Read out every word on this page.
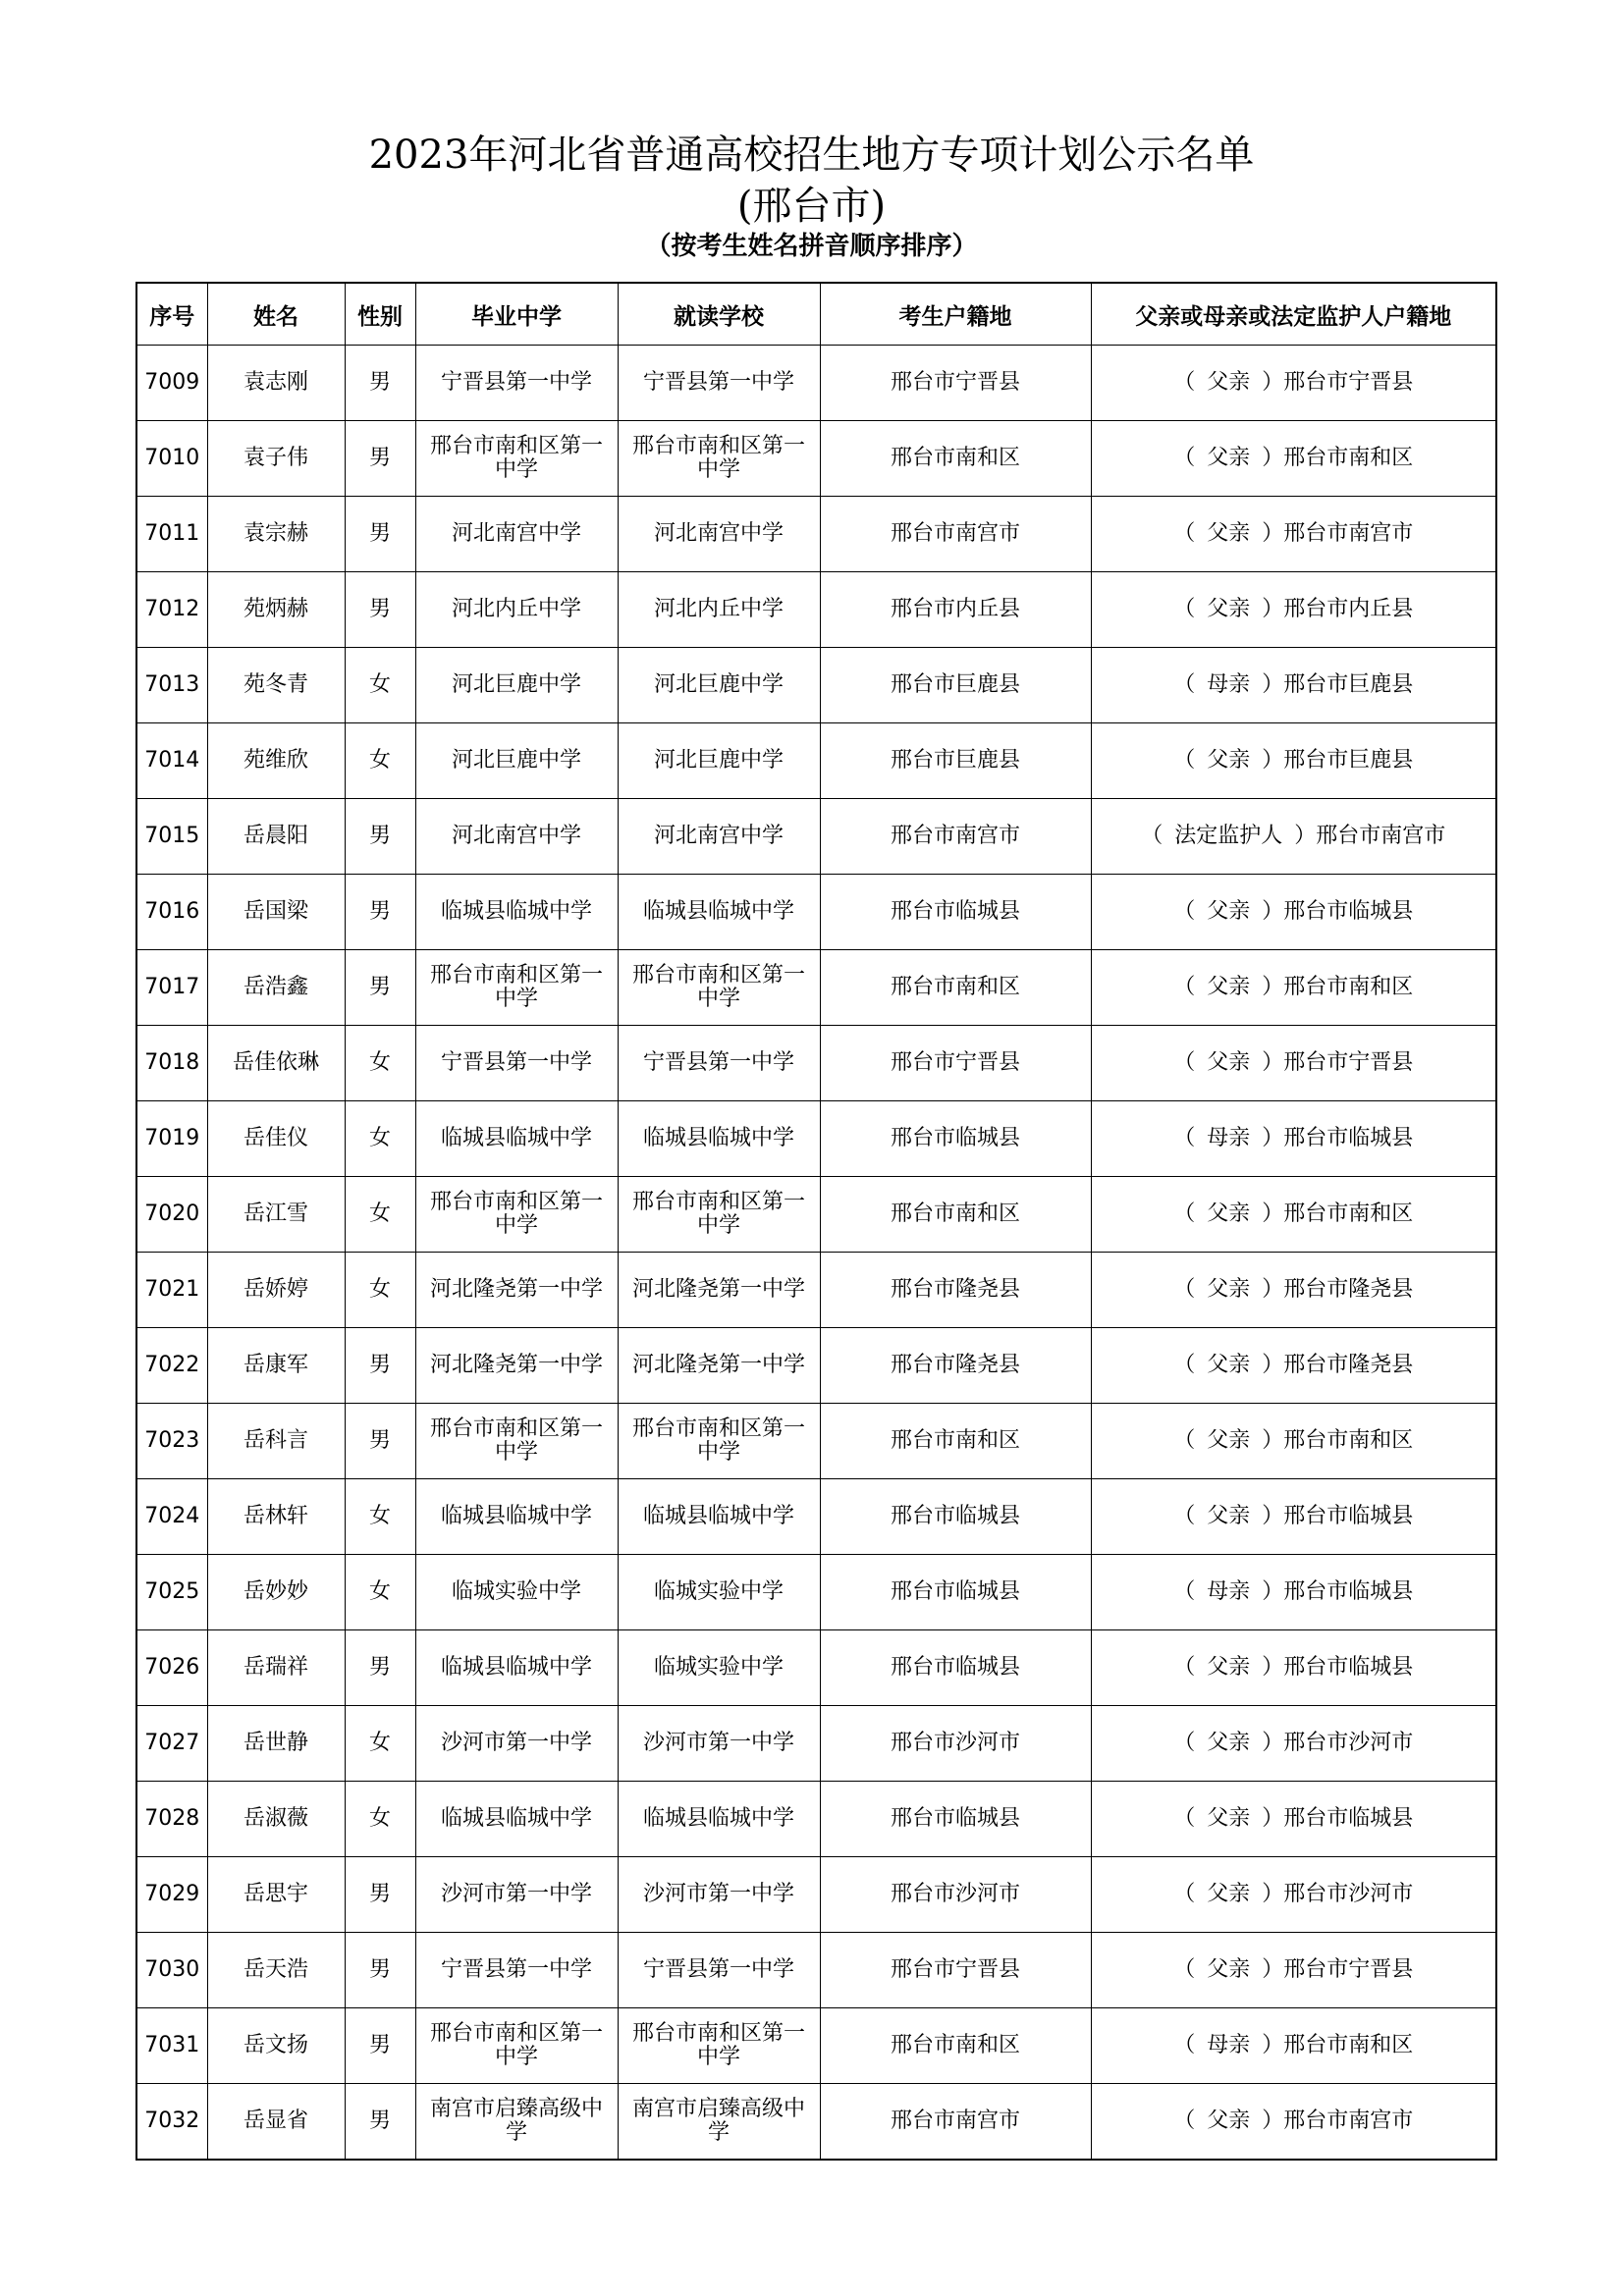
2023年河北省普通高校招生地方专项计划公示名单
(邢台市)
（按考生姓名拼音顺序排序）
序号	姓名	性别	毕业中学	就读学校	考生户籍地	父亲或母亲或法定监护人户籍地
7009	袁志刚	男	宁晋县第一中学	宁晋县第一中学	邢台市宁晋县	（ 父亲 ）邢台市宁晋县
7010	袁子伟	男	邢台市南和区第一中学	邢台市南和区第一中学	邢台市南和区	（ 父亲 ）邢台市南和区
7011	袁宗赫	男	河北南宫中学	河北南宫中学	邢台市南宫市	（ 父亲 ）邢台市南宫市
7012	苑炳赫	男	河北内丘中学	河北内丘中学	邢台市内丘县	（ 父亲 ）邢台市内丘县
7013	苑冬青	女	河北巨鹿中学	河北巨鹿中学	邢台市巨鹿县	（ 母亲 ）邢台市巨鹿县
7014	苑维欣	女	河北巨鹿中学	河北巨鹿中学	邢台市巨鹿县	（ 父亲 ）邢台市巨鹿县
7015	岳晨阳	男	河北南宫中学	河北南宫中学	邢台市南宫市	（ 法定监护人 ）邢台市南宫市
7016	岳国梁	男	临城县临城中学	临城县临城中学	邢台市临城县	（ 父亲 ）邢台市临城县
7017	岳浩鑫	男	邢台市南和区第一中学	邢台市南和区第一中学	邢台市南和区	（ 父亲 ）邢台市南和区
7018	岳佳依琳	女	宁晋县第一中学	宁晋县第一中学	邢台市宁晋县	（ 父亲 ）邢台市宁晋县
7019	岳佳仪	女	临城县临城中学	临城县临城中学	邢台市临城县	（ 母亲 ）邢台市临城县
7020	岳江雪	女	邢台市南和区第一中学	邢台市南和区第一中学	邢台市南和区	（ 父亲 ）邢台市南和区
7021	岳娇婷	女	河北隆尧第一中学	河北隆尧第一中学	邢台市隆尧县	（ 父亲 ）邢台市隆尧县
7022	岳康军	男	河北隆尧第一中学	河北隆尧第一中学	邢台市隆尧县	（ 父亲 ）邢台市隆尧县
7023	岳科言	男	邢台市南和区第一中学	邢台市南和区第一中学	邢台市南和区	（ 父亲 ）邢台市南和区
7024	岳林轩	女	临城县临城中学	临城县临城中学	邢台市临城县	（ 父亲 ）邢台市临城县
7025	岳妙妙	女	临城实验中学	临城实验中学	邢台市临城县	（ 母亲 ）邢台市临城县
7026	岳瑞祥	男	临城县临城中学	临城实验中学	邢台市临城县	（ 父亲 ）邢台市临城县
7027	岳世静	女	沙河市第一中学	沙河市第一中学	邢台市沙河市	（ 父亲 ）邢台市沙河市
7028	岳淑薇	女	临城县临城中学	临城县临城中学	邢台市临城县	（ 父亲 ）邢台市临城县
7029	岳思宇	男	沙河市第一中学	沙河市第一中学	邢台市沙河市	（ 父亲 ）邢台市沙河市
7030	岳天浩	男	宁晋县第一中学	宁晋县第一中学	邢台市宁晋县	（ 父亲 ）邢台市宁晋县
7031	岳文扬	男	邢台市南和区第一中学	邢台市南和区第一中学	邢台市南和区	（ 母亲 ）邢台市南和区
7032	岳显省	男	南宫市启臻高级中学	南宫市启臻高级中学	邢台市南宫市	（ 父亲 ）邢台市南宫市
